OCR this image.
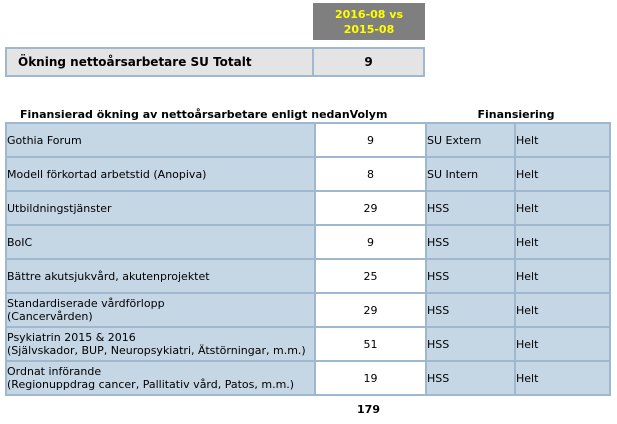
2016-08 vs
2015-08
Ökning nettoårsarbetare SU Totalt	9
Finansierad ökning av nettoårsarbetare enligt nedan Volym	Finansiering
Gothia Forum	9	SU Extern	Helt

Modell förkortad arbetstid (Anopiva)	8	SU Intern	Helt

Utbildningstjänster	29	HSS	Helt

BoIC	9	HSS	Helt

Bättre akutsjukvård, akutenprojektet	25	HSS	Helt

Standardiserade vårdförlopp
(Cancervården)	29	HSS	Helt

Psykiatrin 2015 & 2016
(Självskador, BUP, Neuropsykiatri, Ätstörningar, m.m.)	51	HSS	Helt

Ordnat införande
(Regionuppdrag cancer, Pallitativ vård, Patos, m.m.)	19	HSS	Helt
179
